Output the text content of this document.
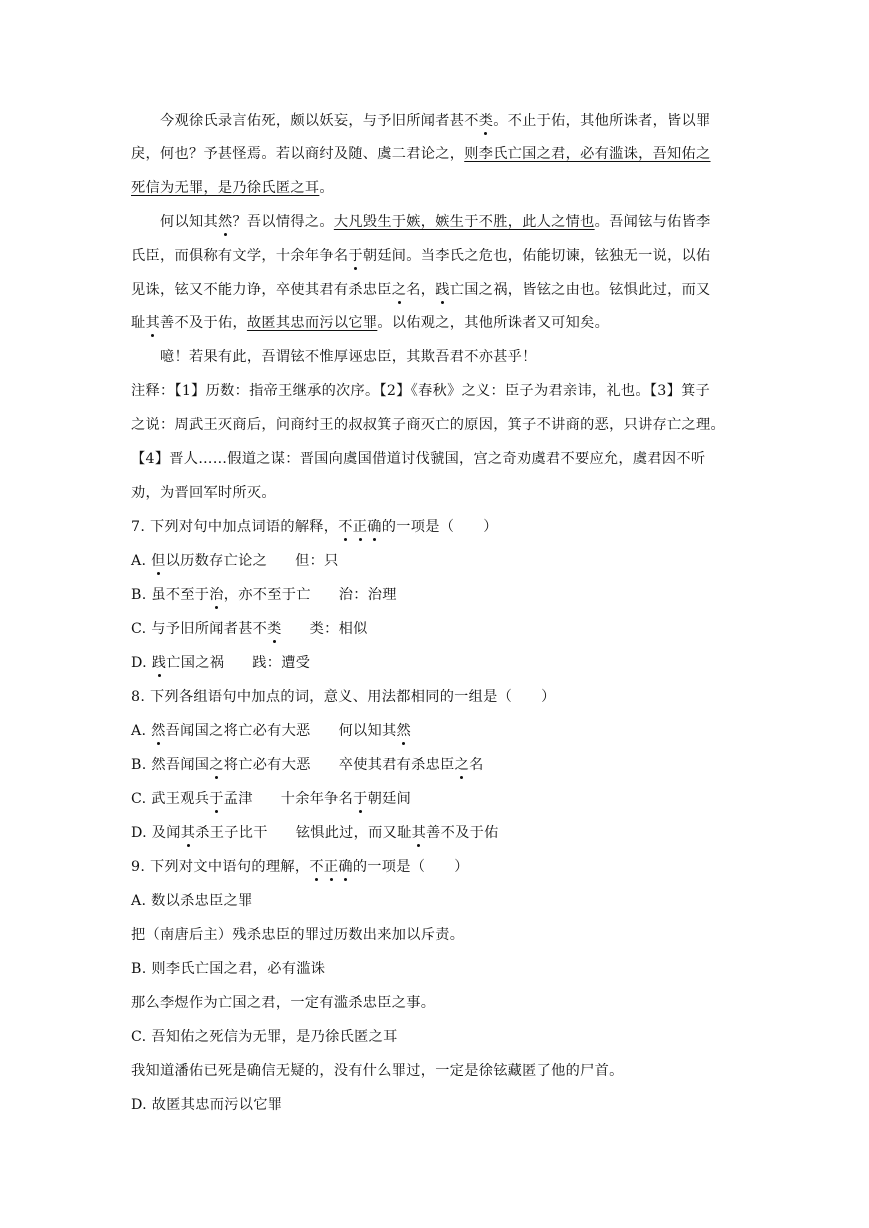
　　今观徐氏录言佑死，颇以妖妄，与予旧所闻者甚不类。不止于佑，其他所诛者，皆以罪
戾，何也？予甚怪焉。若以商纣及随、虞二君论之，则李氏亡国之君，必有滥诛，吾知佑之
死信为无罪，是乃徐氏匿之耳。
　　何以知其然？吾以情得之。大凡毁生于嫉，嫉生于不胜，此人之情也。吾闻铉与佑皆李
氏臣，而俱称有文学，十余年争名于朝廷间。当李氏之危也，佑能切谏，铉独无一说，以佑
见诛，铉又不能力诤，卒使其君有杀忠臣之名，践亡国之祸，皆铉之由也。铉惧此过，而又
耻其善不及于佑，故匿其忠而污以它罪。以佑观之，其他所诛者又可知矣。
　　噫！若果有此，吾谓铉不惟厚诬忠臣，其欺吾君不亦甚乎！
注释：【1】历数：指帝王继承的次序。【2】《春秋》之义：臣子为君亲讳，礼也。【3】箕子
之说：周武王灭商后，问商纣王的叔叔箕子商灭亡的原因，箕子不讲商的恶，只讲存亡之理。
【4】晋人……假道之谋：晋国向虞国借道讨伐虢国，宫之奇劝虞君不要应允，虞君因不听
劝，为晋回军时所灭。
7. 下列对句中加点词语的解释，不正确的一项是（　　）
A. 但以历数存亡论之 但：只
B. 虽不至于治，亦不至于亡 治：治理
C. 与予旧所闻者甚不类 类：相似
D. 践亡国之祸 践：遭受
8. 下列各组语句中加点的词，意义、用法都相同的一组是（　　）
A. 然吾闻国之将亡必有大恶 何以知其然
B. 然吾闻国之将亡必有大恶 卒使其君有杀忠臣之名
C. 武王观兵于孟津 十余年争名于朝廷间
D. 及闻其杀王子比干 铉惧此过，而又耻其善不及于佑
9. 下列对文中语句的理解，不正确的一项是（　　）
A. 数以杀忠臣之罪
把（南唐后主）残杀忠臣的罪过历数出来加以斥责。
B. 则李氏亡国之君，必有滥诛
那么李煜作为亡国之君，一定有滥杀忠臣之事。
C. 吾知佑之死信为无罪，是乃徐氏匿之耳
我知道潘佑已死是确信无疑的，没有什么罪过，一定是徐铉藏匿了他的尸首。
D. 故匿其忠而污以它罪
